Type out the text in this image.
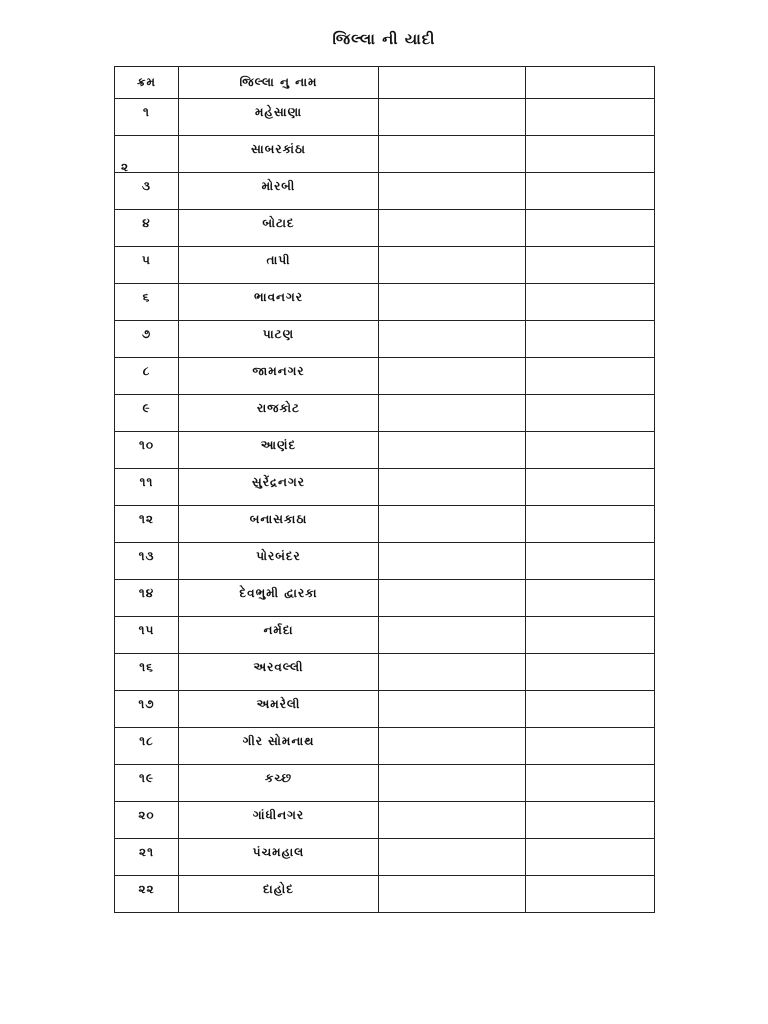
જિલ્લા ની યાદી
ક્રમ	જિલ્લા નુ નામ		
૧	મહેસાણા		

૨	સાબરકાંઠા		
૩	મોરબી		
૪	બોટાદ		
૫	તાપી		
૬	ભાવનગર		
૭	પાટણ		
૮	જામનગર		
૯	રાજકોટ		
૧૦	આણંદ		
૧૧	સુરેંદ્રનગર		
૧૨	બનાસકાઠા		
૧૩	પોરબંદર		
૧૪	દેવભુમી દ્વારકા		
૧૫	નર્મદા		
૧૬	અરવલ્લી		
૧૭	અમરેલી		
૧૮	ગીર સોમનાથ		
૧૯	કચ્છ		
૨૦	ગાંધીનગર		
૨૧	પંચમહાલ		
૨૨	દાહોદ		
